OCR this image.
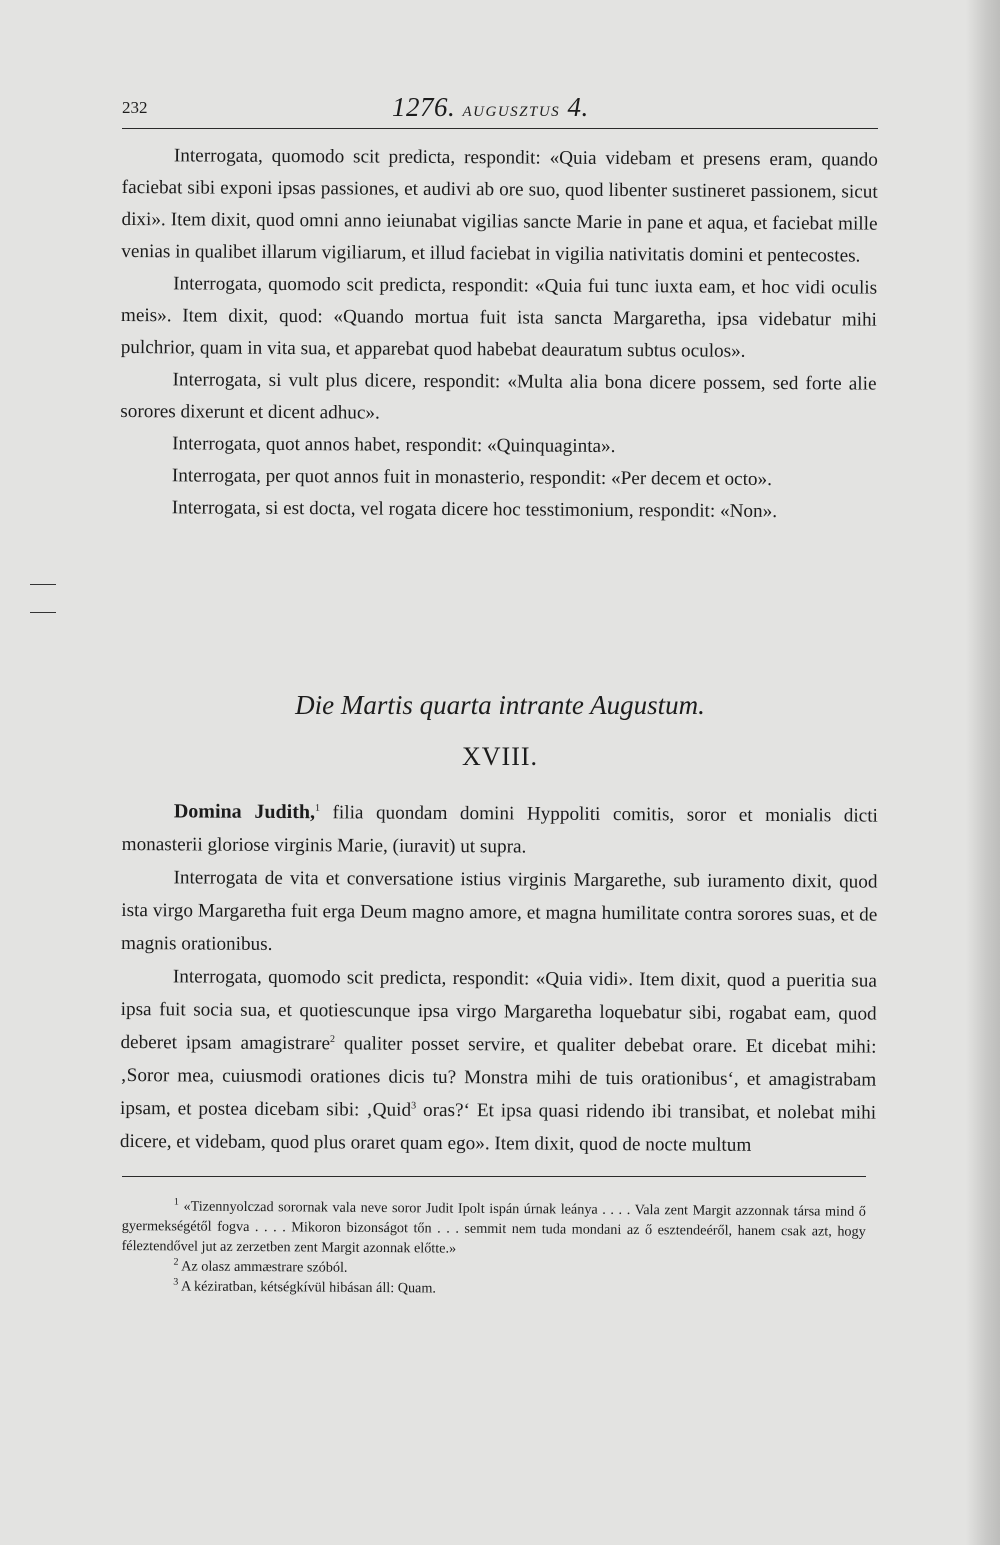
232	1276. AUGUSZTUS 4.

Interrogata, quomodo scit predicta, respondit: «Quia videbam et presens eram, quando faciebat sibi exponi ipsas passiones, et audivi ab ore suo, quod libenter sustineret passionem, sicut dixi». Item dixit, quod omni anno ieiunabat vigilias sancte Marie in pane et aqua, et faciebat mille venias in qualibet illarum vigiliarum, et illud faciebat in vigilia nativitatis domini et pentecostes.

Interrogata, quomodo scit predicta, respondit: «Quia fui tunc iuxta eam, et hoc vidi oculis meis». Item dixit, quod: «Quando mortua fuit ista sancta Margaretha, ipsa videbatur mihi pulchrior, quam in vita sua, et apparebat quod habebat deauratum subtus oculos».

Interrogata, si vult plus dicere, respondit: «Multa alia bona dicere possem, sed forte alie sorores dixerunt et dicent adhuc».

Interrogata, quot annos habet, respondit: «Quinquaginta».

Interrogata, per quot annos fuit in monasterio, respondit: «Per decem et octo».

Interrogata, si est docta, vel rogata dicere hoc tesstimonium, respondit: «Non».

Die Martis quarta intrante Augustum.
XVIII.

Domina Judith,$^1$ filia quondam domini Hyppoliti comitis, soror et monialis dicti monasterii gloriose virginis Marie, (iuravit) ut supra.

Interrogata de vita et conversatione istius virginis Margarethe, sub iuramento dixit, quod ista virgo Margaretha fuit erga Deum magno amore, et magna humilitate contra sorores suas, et de magnis orationibus.

Interrogata, quomodo scit predicta, respondit: «Quia vidi». Item dixit, quod a pueritia sua ipsa fuit socia sua, et quotiescunque ipsa virgo Margaretha loquebatur sibi, rogabat eam, quod deberet ipsam amagistrare$^2$ qualiter posset servire, et qualiter debebat orare. Et dicebat mihi: ‚Soror mea, cuiusmodi orationes dicis tu? Monstra mihi de tuis orationibus‘, et amagistrabam ipsam, et postea dicebam sibi: ‚Quid$^3$ oras?‘ Et ipsa quasi ridendo ibi transibat, et nolebat mihi dicere, et videbam, quod plus oraret quam ego». Item dixit, quod de nocte multum

$^1$ «Tizennyolczad sorornak vala neve soror Judit Ipolt ispán úrnak leánya . . . . Vala zent Margit azzonnak társa mind ő gyermekségétől fogva . . . . Mikoron bizonságot tőn . . . semmit nem tuda mondani az ő esztendeéről, hanem csak azt, hogy féleztendővel jut az zerzetben zent Margit azonnak előtte.»

$^2$ Az olasz ammæstrare szóból.

$^3$ A kéziratban, kétségkívül hibásan áll: Quam.
